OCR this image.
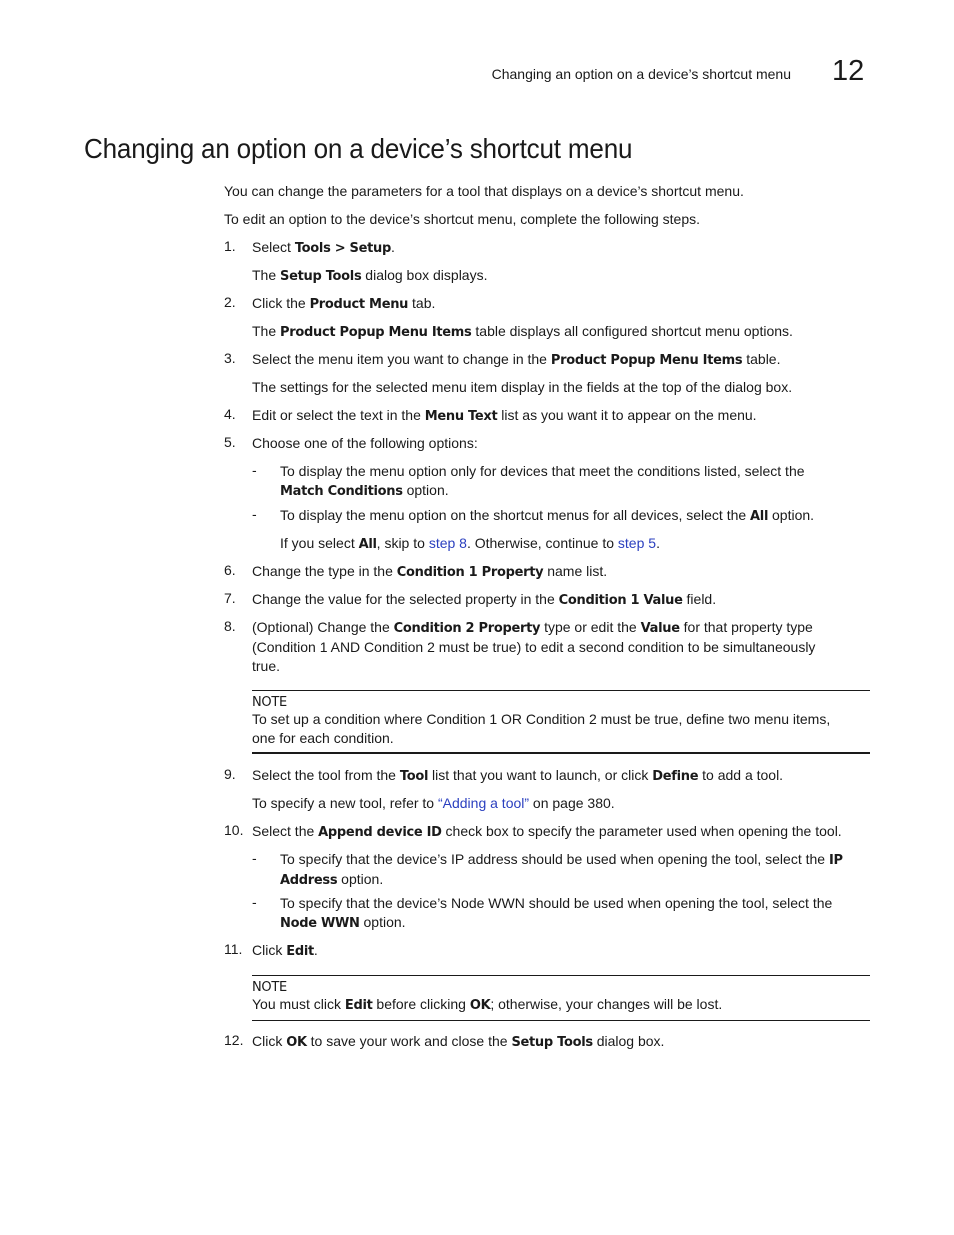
Changing an option on a device’s shortcut menu 12
Changing an option on a device’s shortcut menu
You can change the parameters for a tool that displays on a device’s shortcut menu.
To edit an option to the device’s shortcut menu, complete the following steps.
1.	Select Tools > Setup.
The Setup Tools dialog box displays.
2.	Click the Product Menu tab.
The Product Popup Menu Items table displays all configured shortcut menu options.
3.	Select the menu item you want to change in the Product Popup Menu Items table.
The settings for the selected menu item display in the fields at the top of the dialog box.
4.	Edit or select the text in the Menu Text list as you want it to appear on the menu.
5.	Choose one of the following options:
- To display the menu option only for devices that meet the conditions listed, select the
Match Conditions option.
- To display the menu option on the shortcut menus for all devices, select the All option.
If you select All, skip to step 8. Otherwise, continue to step 5.
6.	Change the type in the Condition 1 Property name list.
7.	Change the value for the selected property in the Condition 1 Value field.
8.	(Optional) Change the Condition 2 Property type or edit the Value for that property type
(Condition 1 AND Condition 2 must be true) to edit a second condition to be simultaneously
true.
NOTE
To set up a condition where Condition 1 OR Condition 2 must be true, define two menu items,
one for each condition.
9.	Select the tool from the Tool list that you want to launch, or click Define to add a tool.
To specify a new tool, refer to “Adding a tool” on page 380.
10. Select the Append device ID check box to specify the parameter used when opening the tool.
- To specify that the device’s IP address should be used when opening the tool, select the IP
Address option.
- To specify that the device’s Node WWN should be used when opening the tool, select the
Node WWN option.
11. Click Edit.
NOTE
You must click Edit before clicking OK; otherwise, your changes will be lost.
12. Click OK to save your work and close the Setup Tools dialog box.
